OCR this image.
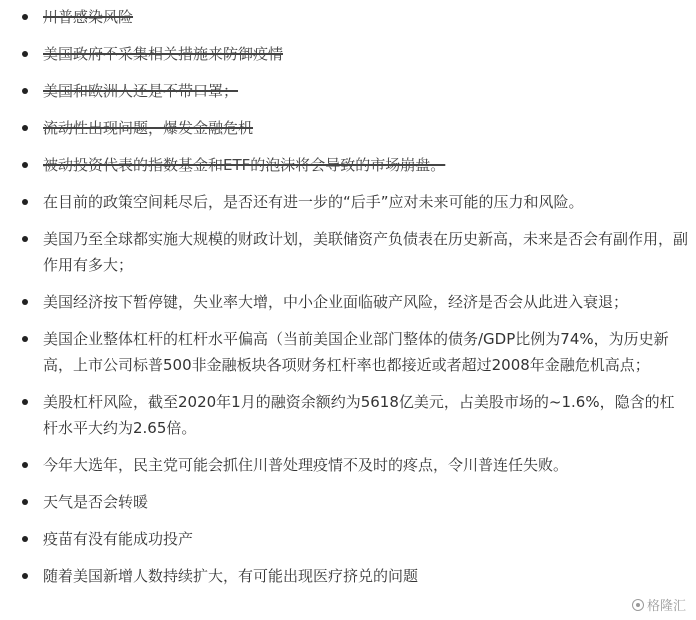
川普感染风险
美国政府不采集相关措施来防御疫情
美国和欧洲人还是不带口罩；
流动性出现问题，爆发金融危机
被动投资代表的指数基金和ETF的泡沫将会导致的市场崩盘。
在目前的政策空间耗尽后，是否还有进一步的“后手”应对未来可能的压力和风险。
美国乃至全球都实施大规模的财政计划，美联储资产负债表在历史新高，未来是否会有副作用，副作用有多大；
美国经济按下暂停键，失业率大增，中小企业面临破产风险，经济是否会从此进入衰退；
美国企业整体杠杆的杠杆水平偏高（当前美国企业部门整体的债务/GDP比例为74%，为历史新高，上市公司标普500非金融板块各项财务杠杆率也都接近或者超过2008年金融危机高点；
美股杠杆风险，截至2020年1月的融资余额约为5618亿美元，占美股市场的~1.6%，隐含的杠杆水平大约为2.65倍。
今年大选年，民主党可能会抓住川普处理疫情不及时的疼点，令川普连任失败。
天气是否会转暖
疫苗有没有能成功投产
随着美国新增人数持续扩大，有可能出现医疗挤兑的问题
格隆汇
